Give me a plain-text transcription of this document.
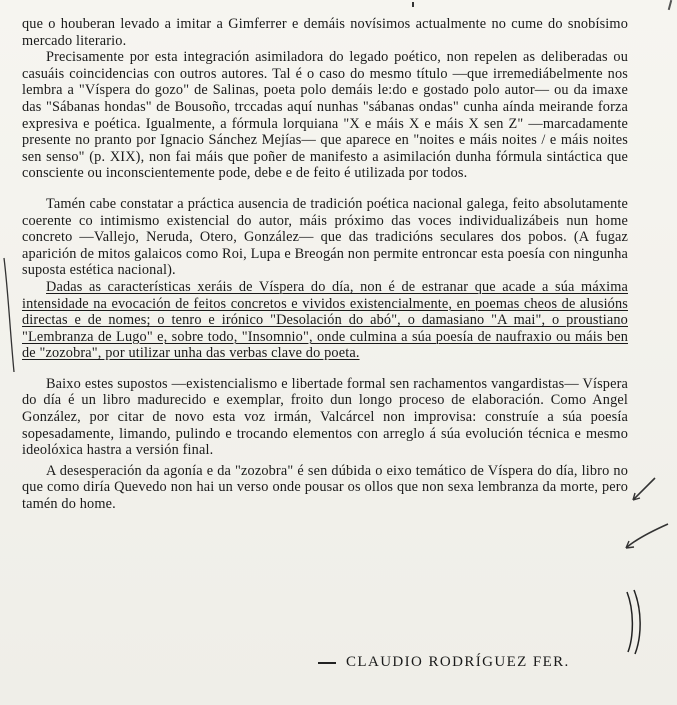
que o houberan levado a imitar a Gimferrer e demáis novísimos actualmente no cume do snobísimo mercado literario.

Precisamente por esta integración asimiladora do legado poético, non repelen as deliberadas ou casuáis coincidencias con outros autores. Tal é o caso do mesmo título —que irremediábelmente nos lembra a "Víspera do gozo" de Salinas, poeta polo demáis le:do e gostado polo autor— ou da imaxe das "Sábanas hondas" de Bousoño, trccadas aquí nunhas "sábanas ondas" cunha aínda meirande forza expresiva e poética. Igualmente, a fórmula lorquiana "X e máis X e máis X sen Z" —marcadamente presente no pranto por Ignacio Sánchez Mejías— que aparece en "noites e máis noites / e máis noites sen senso" (p. XIX), non fai máis que poñer de manifesto a asimilación dunha fórmula sintáctica que consciente ou inconscientemente pode, debe e de feito é utilizada por todos.

Tamén cabe constatar a práctica ausencia de tradición poética nacional galega, feito absolutamente coerente co intimismo existencial do autor, máis próximo das voces individualizábeis nun home concreto —Vallejo, Neruda, Otero, González— que das tradicións seculares dos pobos. (A fugaz aparición de mitos galaicos como Roi, Lupa e Breogán non permite entroncar esta poesía con ningunha suposta estética nacional).

Dadas as características xeráis de Víspera do día, non é de estranar que acade a súa máxima intensidade na evocación de feitos concretos e vividos existencialmente, en poemas cheos de alusións directas e de nomes; o tenro e irónico "Desolación do abó", o damasiano "A mai", o proustiano "Lembranza de Lugo" e, sobre todo, "Insomnio", onde culmina a súa poesía de naufraxio ou máis ben de "zozobra", por utilizar unha das verbas clave do poeta.

Baixo estes supostos —existencialismo e libertade formal sen rachamentos vangardistas— Víspera do día é un libro madurecido e exemplar, froito dun longo proceso de elaboración. Como Angel González, por citar de novo esta voz irmán, Valcárcel non improvisa: construíe a súa poesía sopesadamente, limando, pulindo e trocando elementos con arreglo á súa evolución técnica e mesmo ideolóxica hastra a versión final.

A desesperación da agonía e da "zozobra" é sen dúbida o eixo temático de Víspera do día, libro no que como diría Quevedo non hai un verso onde pousar os ollos que non sexa lembranza da morte, pero tamén do home.

CLAUDIO RODRÍGUEZ FER.
